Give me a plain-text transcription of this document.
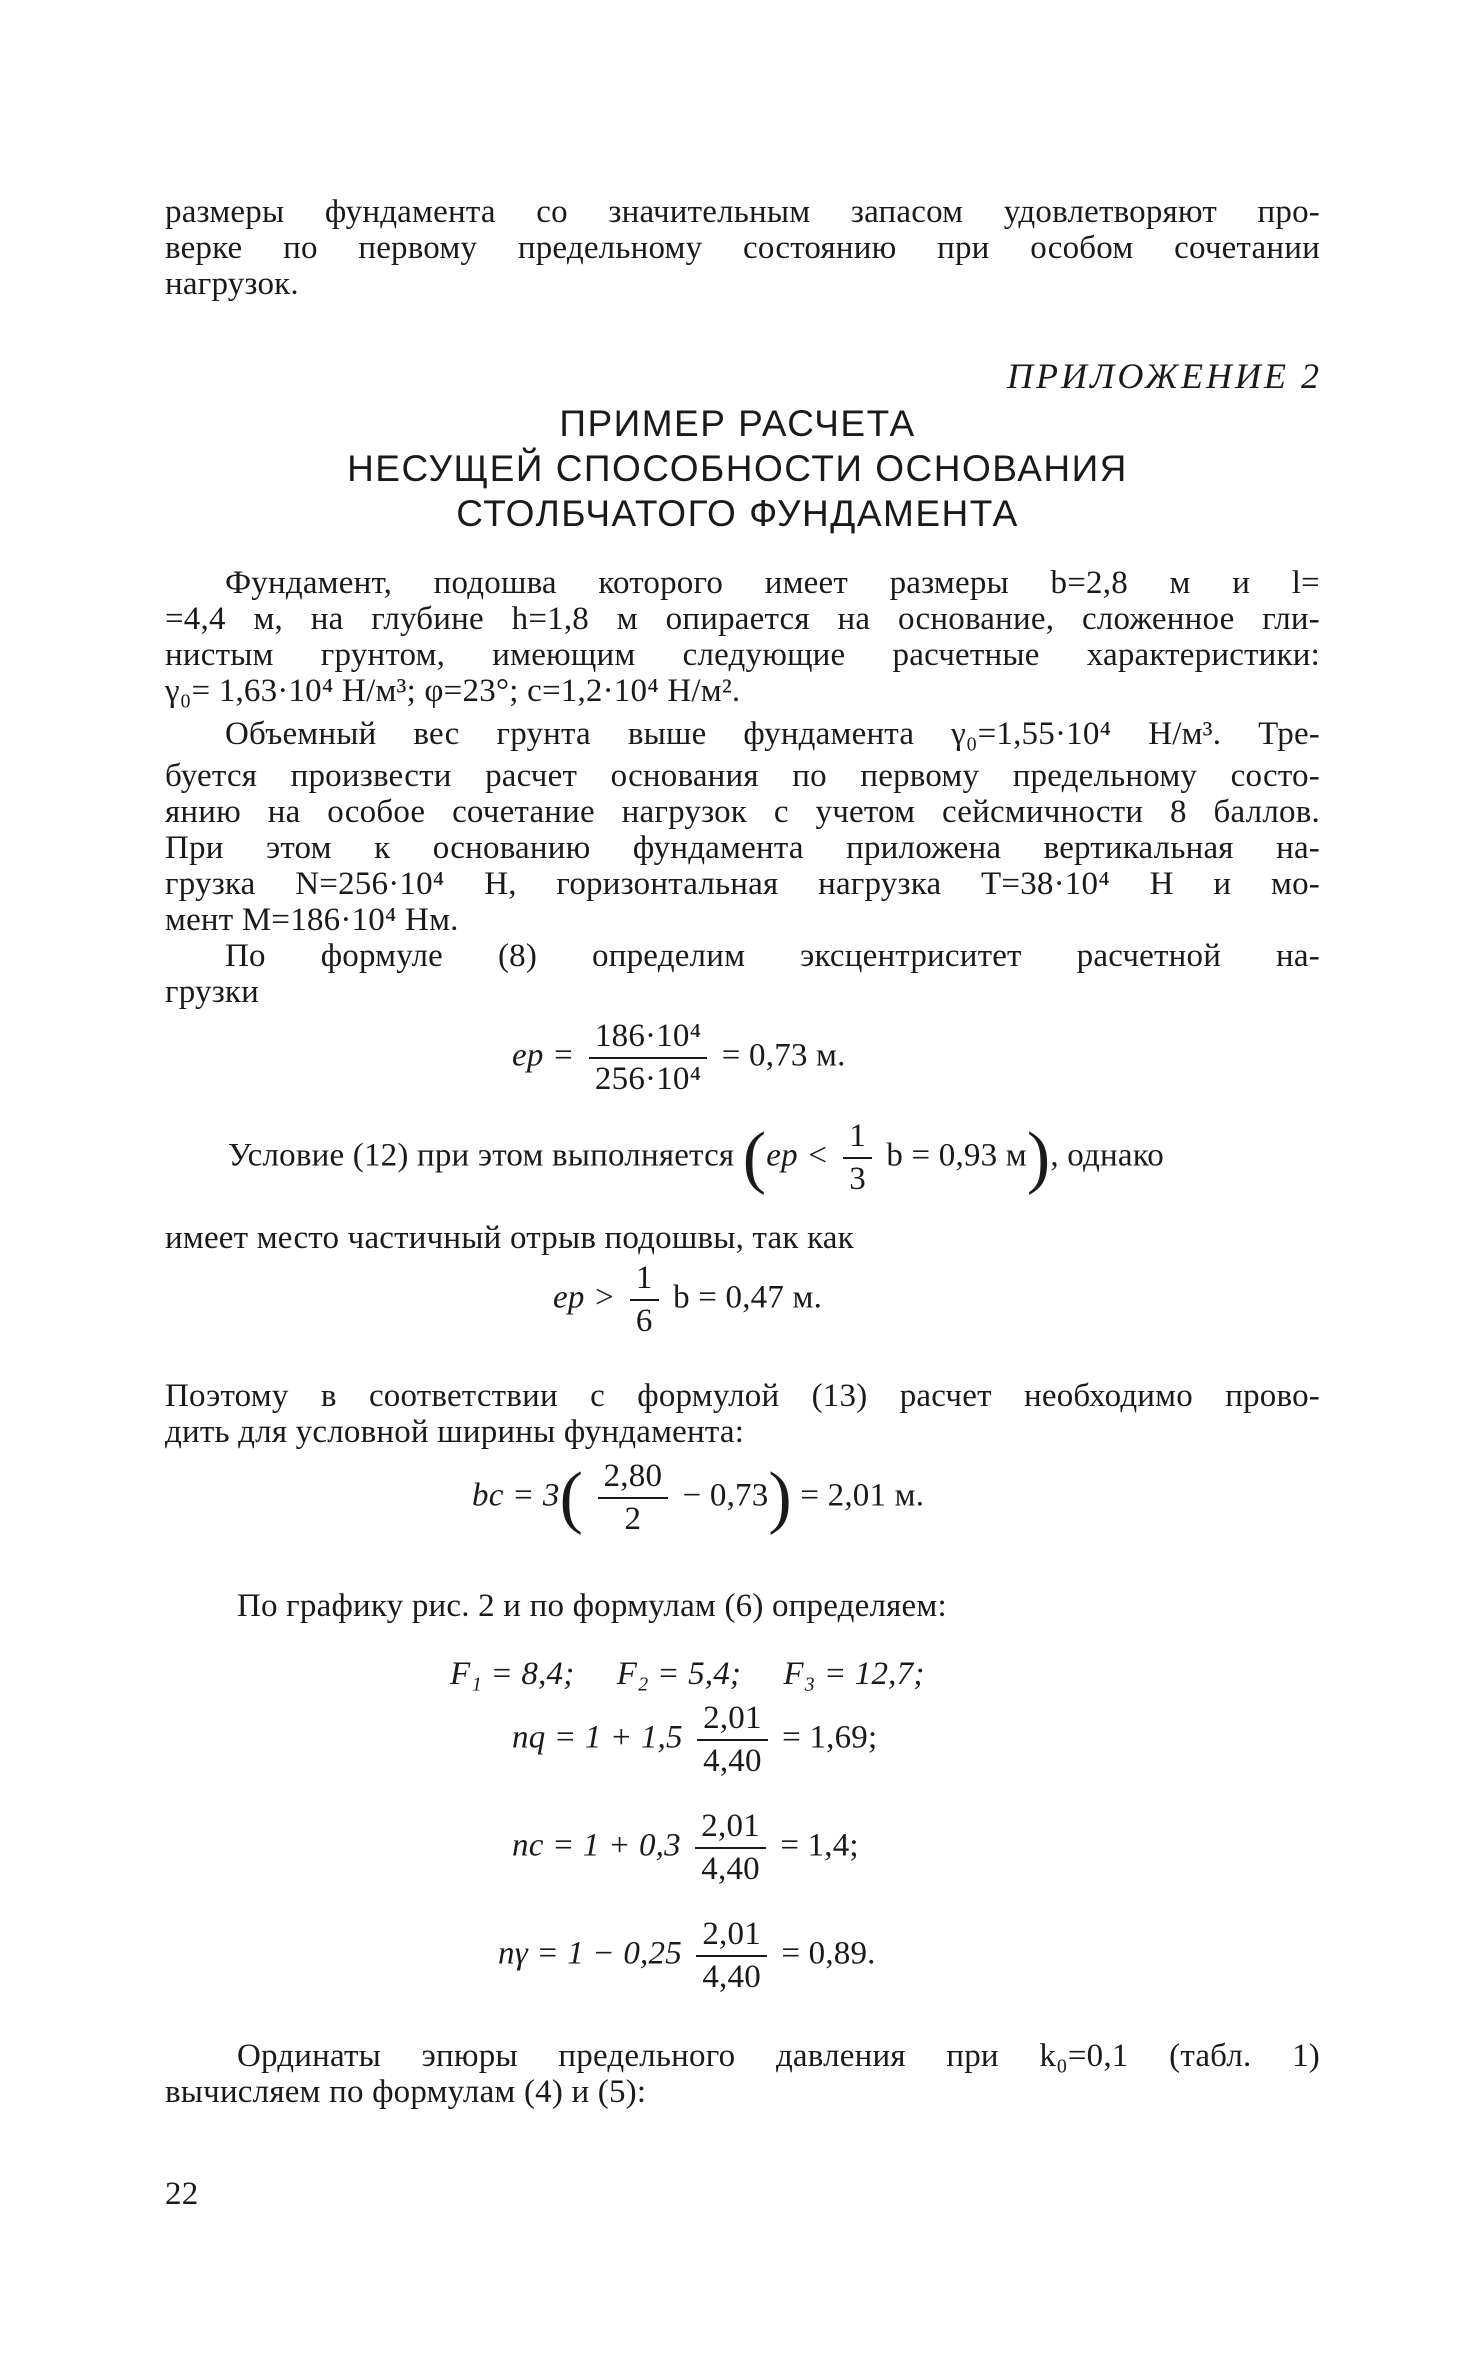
размеры фундамента со значительным запасом удовлетворяют про-
верке по первому предельному состоянию при особом сочетании
нагрузок.
ПРИЛОЖЕНИЕ 2
ПРИМЕР РАСЧЕТА
НЕСУЩЕЙ СПОСОБНОСТИ ОСНОВАНИЯ
СТОЛБЧАТОГО ФУНДАМЕНТА
Фундамент, подошва которого имеет размеры b=2,8 м и l=
=4,4 м, на глубине h=1,8 м опирается на основание, сложенное гли-
нистым грунтом, имеющим следующие расчетные характеристики:
γ₀= 1,63·10⁴ Н/м³; φ=23°; c=1,2·10⁴ Н/м².
Объемный вес грунта выше фундамента γ₀=1,55·10⁴ Н/м³. Тре-
буется произвести расчет основания по первому предельному состо-
янию на особое сочетание нагрузок с учетом сейсмичности 8 баллов.
При этом к основанию фундамента приложена вертикальная на-
грузка N=256·10⁴ Н, горизонтальная нагрузка T=38·10⁴ Н и мо-
мент M=186·10⁴ Нм.
По формуле (8) определим эксцентриситет расчетной на-
грузки
eр = $\frac{\text{186·10⁴}}{\text{256·10⁴}} = 0,73$ м.
Условие (12) при этом выполняется ($eр < \frac{1}{3}$ b = 0,93 м), однако
имеет место частичный отрыв подошвы, так как
eр > $\frac{1}{6}$ b = 0,47 м.
Поэтому в соответствии с формулой (13) расчет необходимо прово-
дить для условной ширины фундамента:
bc = $3( \frac{2,80}{2} - 0,73) = 2,01$ м.
По графику рис. 2 и по формулам (6) определяем:
F₁ = 8,4;     F₂ = 5,4;     F₃ = 12,7;
nq = $1 + 1,5 \frac{2,01}{4,40} = 1,69$;
nc = $1 + 0,3 \frac{2,01}{4,40} = 1,4$;
$n\gamma = 1 - 0,25 \frac{2,01}{4,40} = 0,89$.
Ординаты эпюры предельного давления при k₀=0,1 (табл. 1)
вычисляем по формулам (4) и (5):
22
